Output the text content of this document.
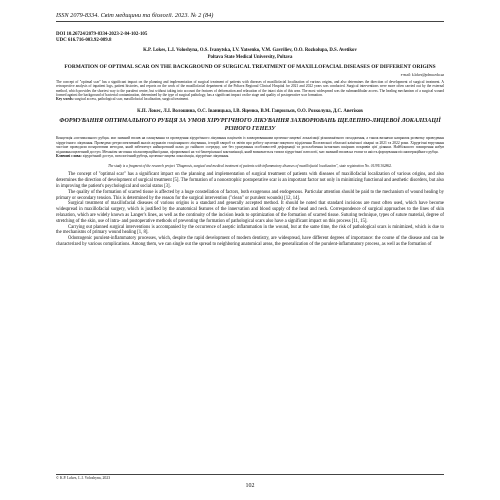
ISSN 2079-8334. Світ медицини та біології. 2023. № 2 (84)
DOI 10.26724/2079-8334-2023-2-84-102-105
UDC 616.716-003.92-089.8
K.P. Lokes, L.I. Voloshyna, O.S. Ivanytska, I.V. Yatsenko, V.M. Gavriliev, O.O. Rozkolupa, D.S. Avetikov
Poltava State Medical University, Poltava
FORMATION OF OPTIMAL SCAR ON THE BACKGROUND OF SURGICAL TREATMENT OF MAXILLOFACIAL DISEASES OF DIFFERENT ORIGINS
e-mail: k.lokes@pdmu.edu.ua
The concept of "optimal scar" has a significant impact on the planning and implementation of surgical treatment of patients with diseases of maxillofacial localization of various origins, and also determines the direction of development of surgical treatment. A retrospective analysis of inpatient logs, patient histories, and reports on the work of the maxillofacial department of the Poltava Regional Clinical Hospital for 2021 and 2022 years was conducted. Surgical interventions were more often carried out by the external method, which provides the shortest way to the purulent center, but without taking into account the features of deformation and relaxation of the intact skin of this area. The most widespread was the submandibular access. The healing mechanism of a surgical wound formed against the background of bacterial contamination, determined by the type of surgical pathology, has a significant impact on the stage and quality of postoperative scar formation.
Key words: surgical access, pathological scar, maxillofacial localization, surgical treatment.
К.П. Локес, Л.І. Волошина, О.С. Іваницька, І.В. Яценко, В.М. Гаврильєв, О.О. Розколупа, Д.С. Аветіков
ФОРМУВАННЯ ОПТИМАЛЬНОГО РУБЦЯ ЗА УМОВ ХІРУРГІЧНОГО ЛІКУВАННЯ ЗАХВОРЮВАНЬ ЩЕЛЕПНО-ЛИЦЕВОЇ ЛОКАЛІЗАЦІЇ РІЗНОГО ГЕНЕЗУ
Концепція «оптимального рубця» має значний вплив на планування та проведення хірургічного лікування пацієнтів із захворюваннями щелепно-лицевої локалізації різноманітного походження, а також визначає напрямок розвитку проведення хірургічного лікування. Проведено ретроспективний аналіз журналів стаціонарного лікування, історій хвороб та звітів про роботу щелепно-лицевого відділення Полтавської обласної клінічної лікарні за 2021 та 2022 роки. Хірургічні втручання частіше проводили позаротовим методом, який забезпечує найкоротший шлях до гнійного осередку, але без урахування особливостей деформації та розслаблення інтактних шкірних покривів цієї ділянки. Найбільшого поширення набув піднижньощелепний доступ. Механізм загоєння післяопераційної рани, сформованої на тлі бактеріальної контамінації, який визначається типом хірургічної патології, має значний вплив на етапи та якість формування післяопераційного рубця.
Ключові слова: хірургічний доступ, патологічний рубець, щелепно-лицева локалізація, хірургічне лікування.
The study is a fragment of the research project "Diagnosis, surgical and medical treatment of patients with inflammatory diseases of maxillofacial localization", state registration No. 0119U102862.

The concept of "optimal scar" has a significant impact on the planning and implementation of surgical treatment of patients with diseases of maxillofacial localization of various origins, and also determines the direction of development of surgical treatment [5]. The formation of a nonostrophic postoperative scar is an important factor not only in minimizing functional and aesthetic disorders, but also in improving the patient's psychological and social status [3].

The quality of the formation of scarred tissue is affected by a huge constellation of factors, both exogenous and endogenous. Particular attention should be paid to the mechanism of wound healing by primary or secondary tension. This is determined by the reason for the surgical intervention ("clean" or purulent wounds) [12, 14].

Surgical treatment of maxillofacial diseases of various origins is a standard and generally accepted method. It should be noted that standard incisions are most often used, which have become widespread in maxillofacial surgery, which is justified by the anatomical features of the innervation and blood supply of the head and neck. Correspondence of surgical approaches to the lines of skin relaxation, which are widely known as Langer's lines, as well as the continuity of the incision leads to optimization of the formation of scarred tissue. Suturing technique, types of suture material, degree of stretching of the skin, use of intra- and postoperative methods of preventing the formation of pathological scars also have a significant impact on this process [11, 15].

Carrying out planned surgical interventions is accompanied by the occurrence of aseptic inflammation in the wound, but at the same time, the risk of pathological scars is minimized, which is due to the mechanisms of primary wound healing [1, 8].

Odontogenic purulent-inflammatory processes, which, despite the rapid development of modern dentistry, are widespread, have different degrees of importance: the course of the disease and can be characterized by various complications. Among them, we can single out the spread to neighboring anatomical areas, the generalization of the purulent-inflammatory process, as well as the formation of

© K.P. Lokes, L.I. Voloshyna, 2023
102
